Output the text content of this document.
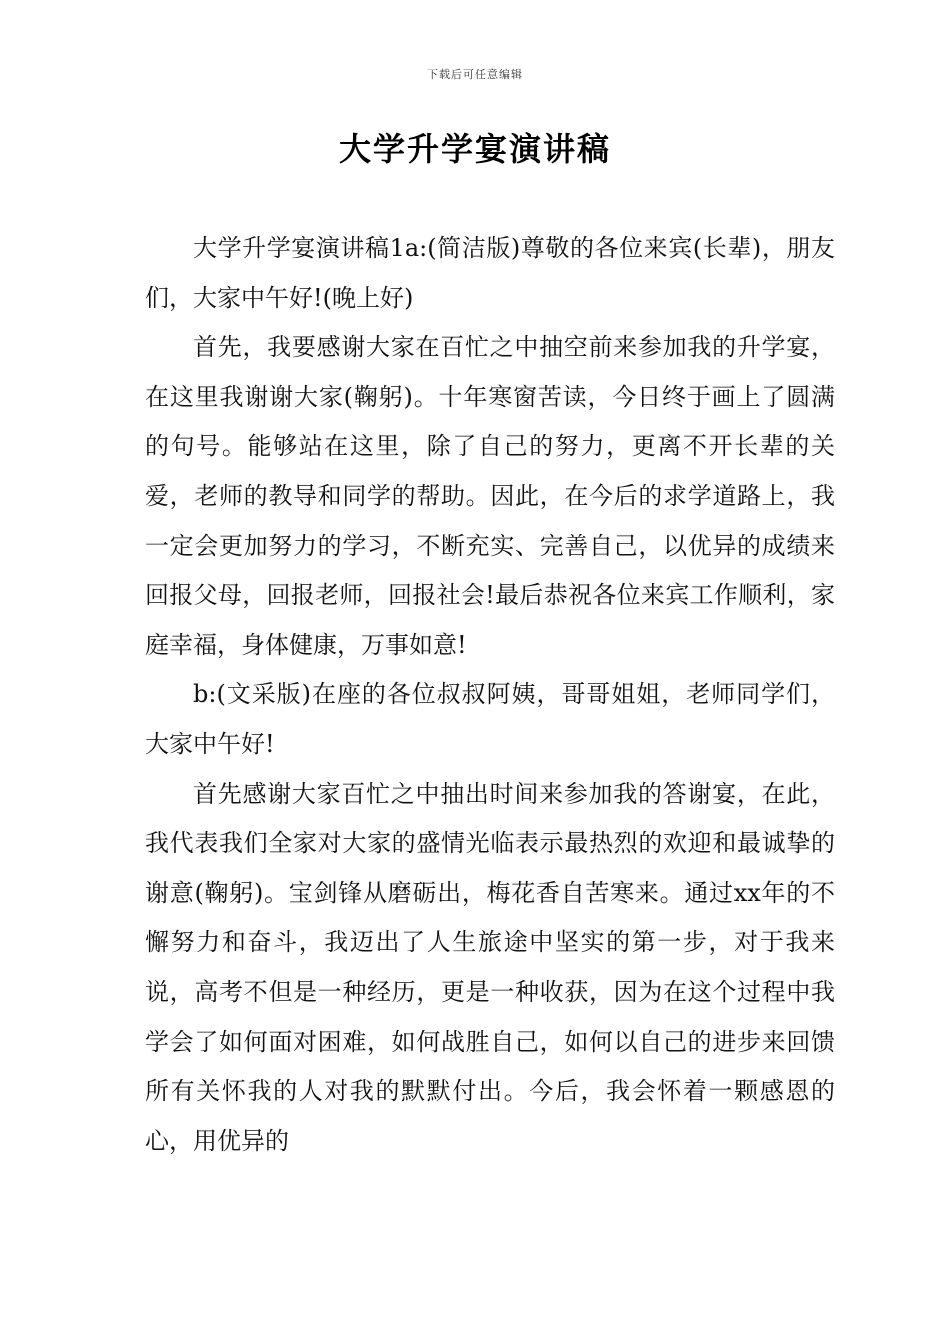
下载后可任意编辑
大学升学宴演讲稿

大学升学宴演讲稿1a:(简洁版)尊敬的各位来宾(长辈)，朋友们，大家中午好!(晚上好)

首先，我要感谢大家在百忙之中抽空前来参加我的升学宴，在这里我谢谢大家(鞠躬)。十年寒窗苦读，今日终于画上了圆满的句号。能够站在这里，除了自己的努力，更离不开长辈的关爱，老师的教导和同学的帮助。因此，在今后的求学道路上，我一定会更加努力的学习，不断充实、完善自己，以优异的成绩来回报父母，回报老师，回报社会!最后恭祝各位来宾工作顺利，家庭幸福，身体健康，万事如意!

b:(文采版)在座的各位叔叔阿姨，哥哥姐姐，老师同学们，大家中午好!

首先感谢大家百忙之中抽出时间来参加我的答谢宴，在此，我代表我们全家对大家的盛情光临表示最热烈的欢迎和最诚挚的谢意(鞠躬)。宝剑锋从磨砺出，梅花香自苦寒来。通过xx年的不懈努力和奋斗，我迈出了人生旅途中坚实的第一步，对于我来说，高考不但是一种经历，更是一种收获，因为在这个过程中我学会了如何面对困难，如何战胜自己，如何以自己的进步来回馈所有关怀我的人对我的默默付出。今后，我会怀着一颗感恩的心，用优异的
